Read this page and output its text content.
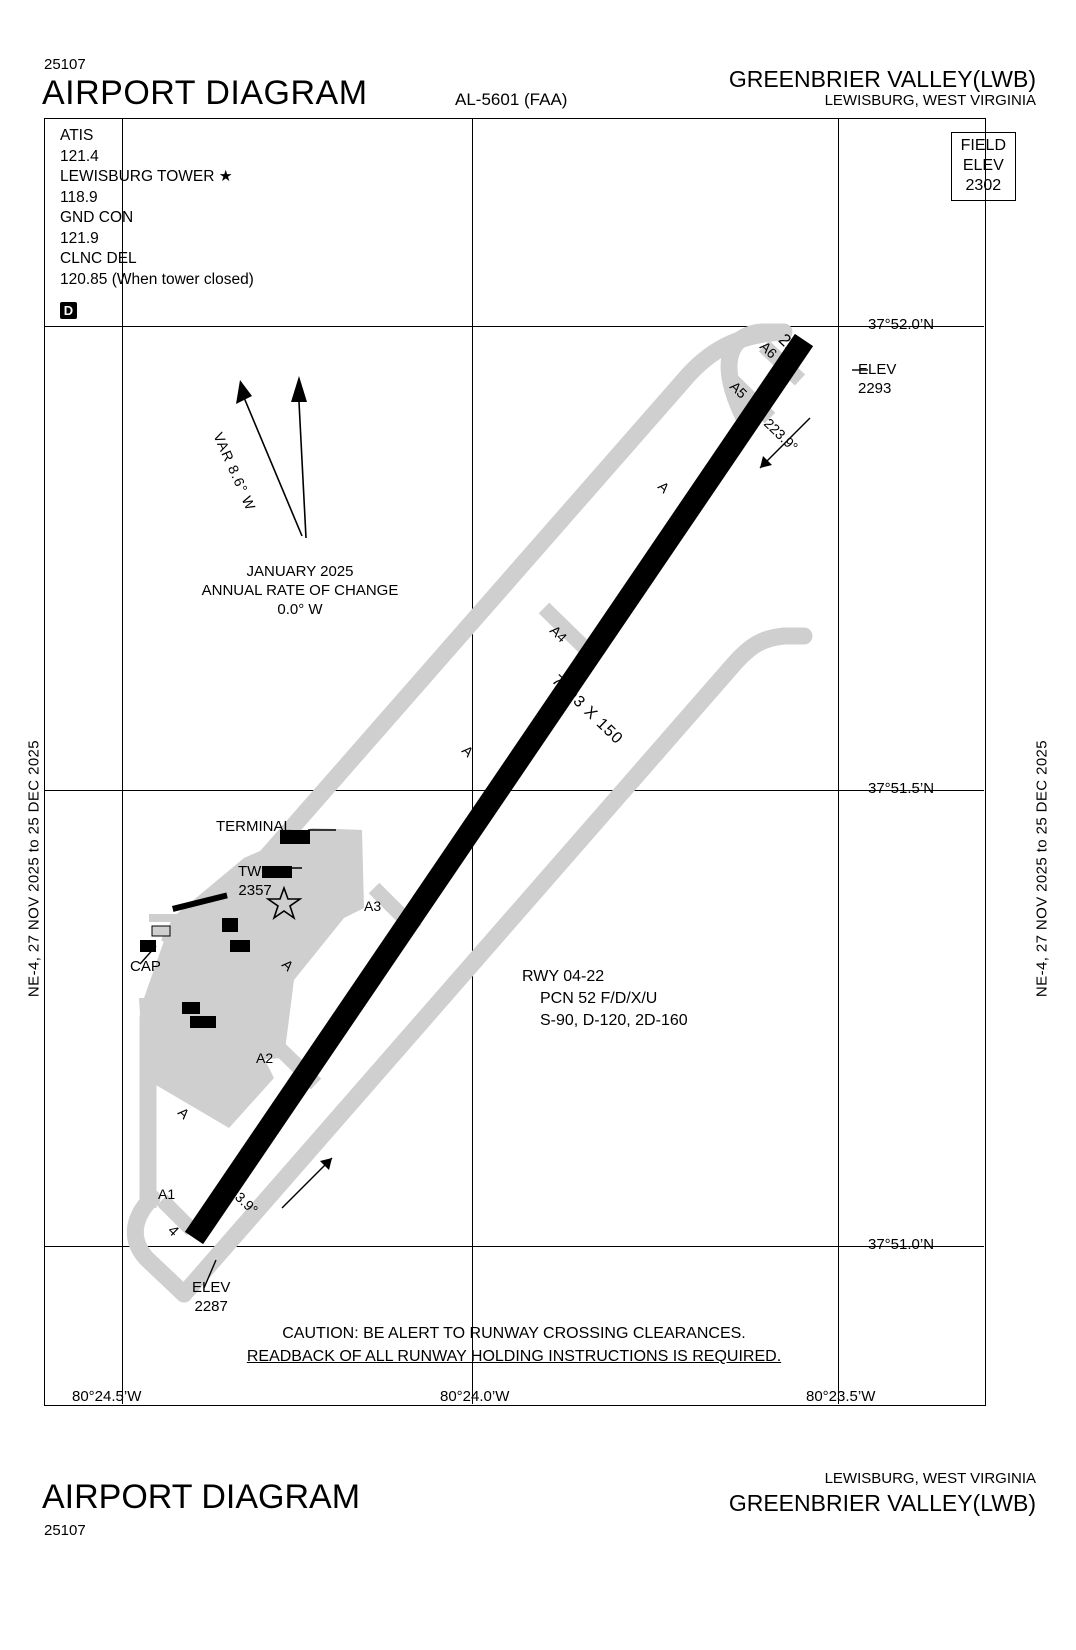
25107
AIRPORT DIAGRAM	AL-5601 (FAA)
GREENBRIER VALLEY(LWB)
LEWISBURG, WEST VIRGINIA
NE-4, 27 NOV 2025 to 25 DEC 2025	NE-4, 27 NOV 2025 to 25 DEC 2025
37°52.0’N
37°51.5’N
37°51.0’N
80°24.5’W	80°24.0’W	80°23.5’W
ATIS
121.4
LEWISBURG TOWER ★
118.9
GND CON
121.9
CLNC DEL
120.85 (When tower closed)
D
FIELD
ELEV
2302
VAR 8.6° W
JANUARY 2025
ANNUAL RATE OF CHANGE
0.0° W
7003 X 150
223.9°
043.9°
22
4
ELEV
2293
ELEV
2287
RWY 04-22
PCN 52 F/D/X/U
S-90, D-120, 2D-160
TERMINAL
TWR
2357
CAP
A6
A5
A
A4
A
A3
A
A2
A
A1
CAUTION: BE ALERT TO RUNWAY CROSSING CLEARANCES.
READBACK OF ALL RUNWAY HOLDING INSTRUCTIONS IS REQUIRED.
AIRPORT DIAGRAM
25107
LEWISBURG, WEST VIRGINIA
GREENBRIER VALLEY(LWB)
